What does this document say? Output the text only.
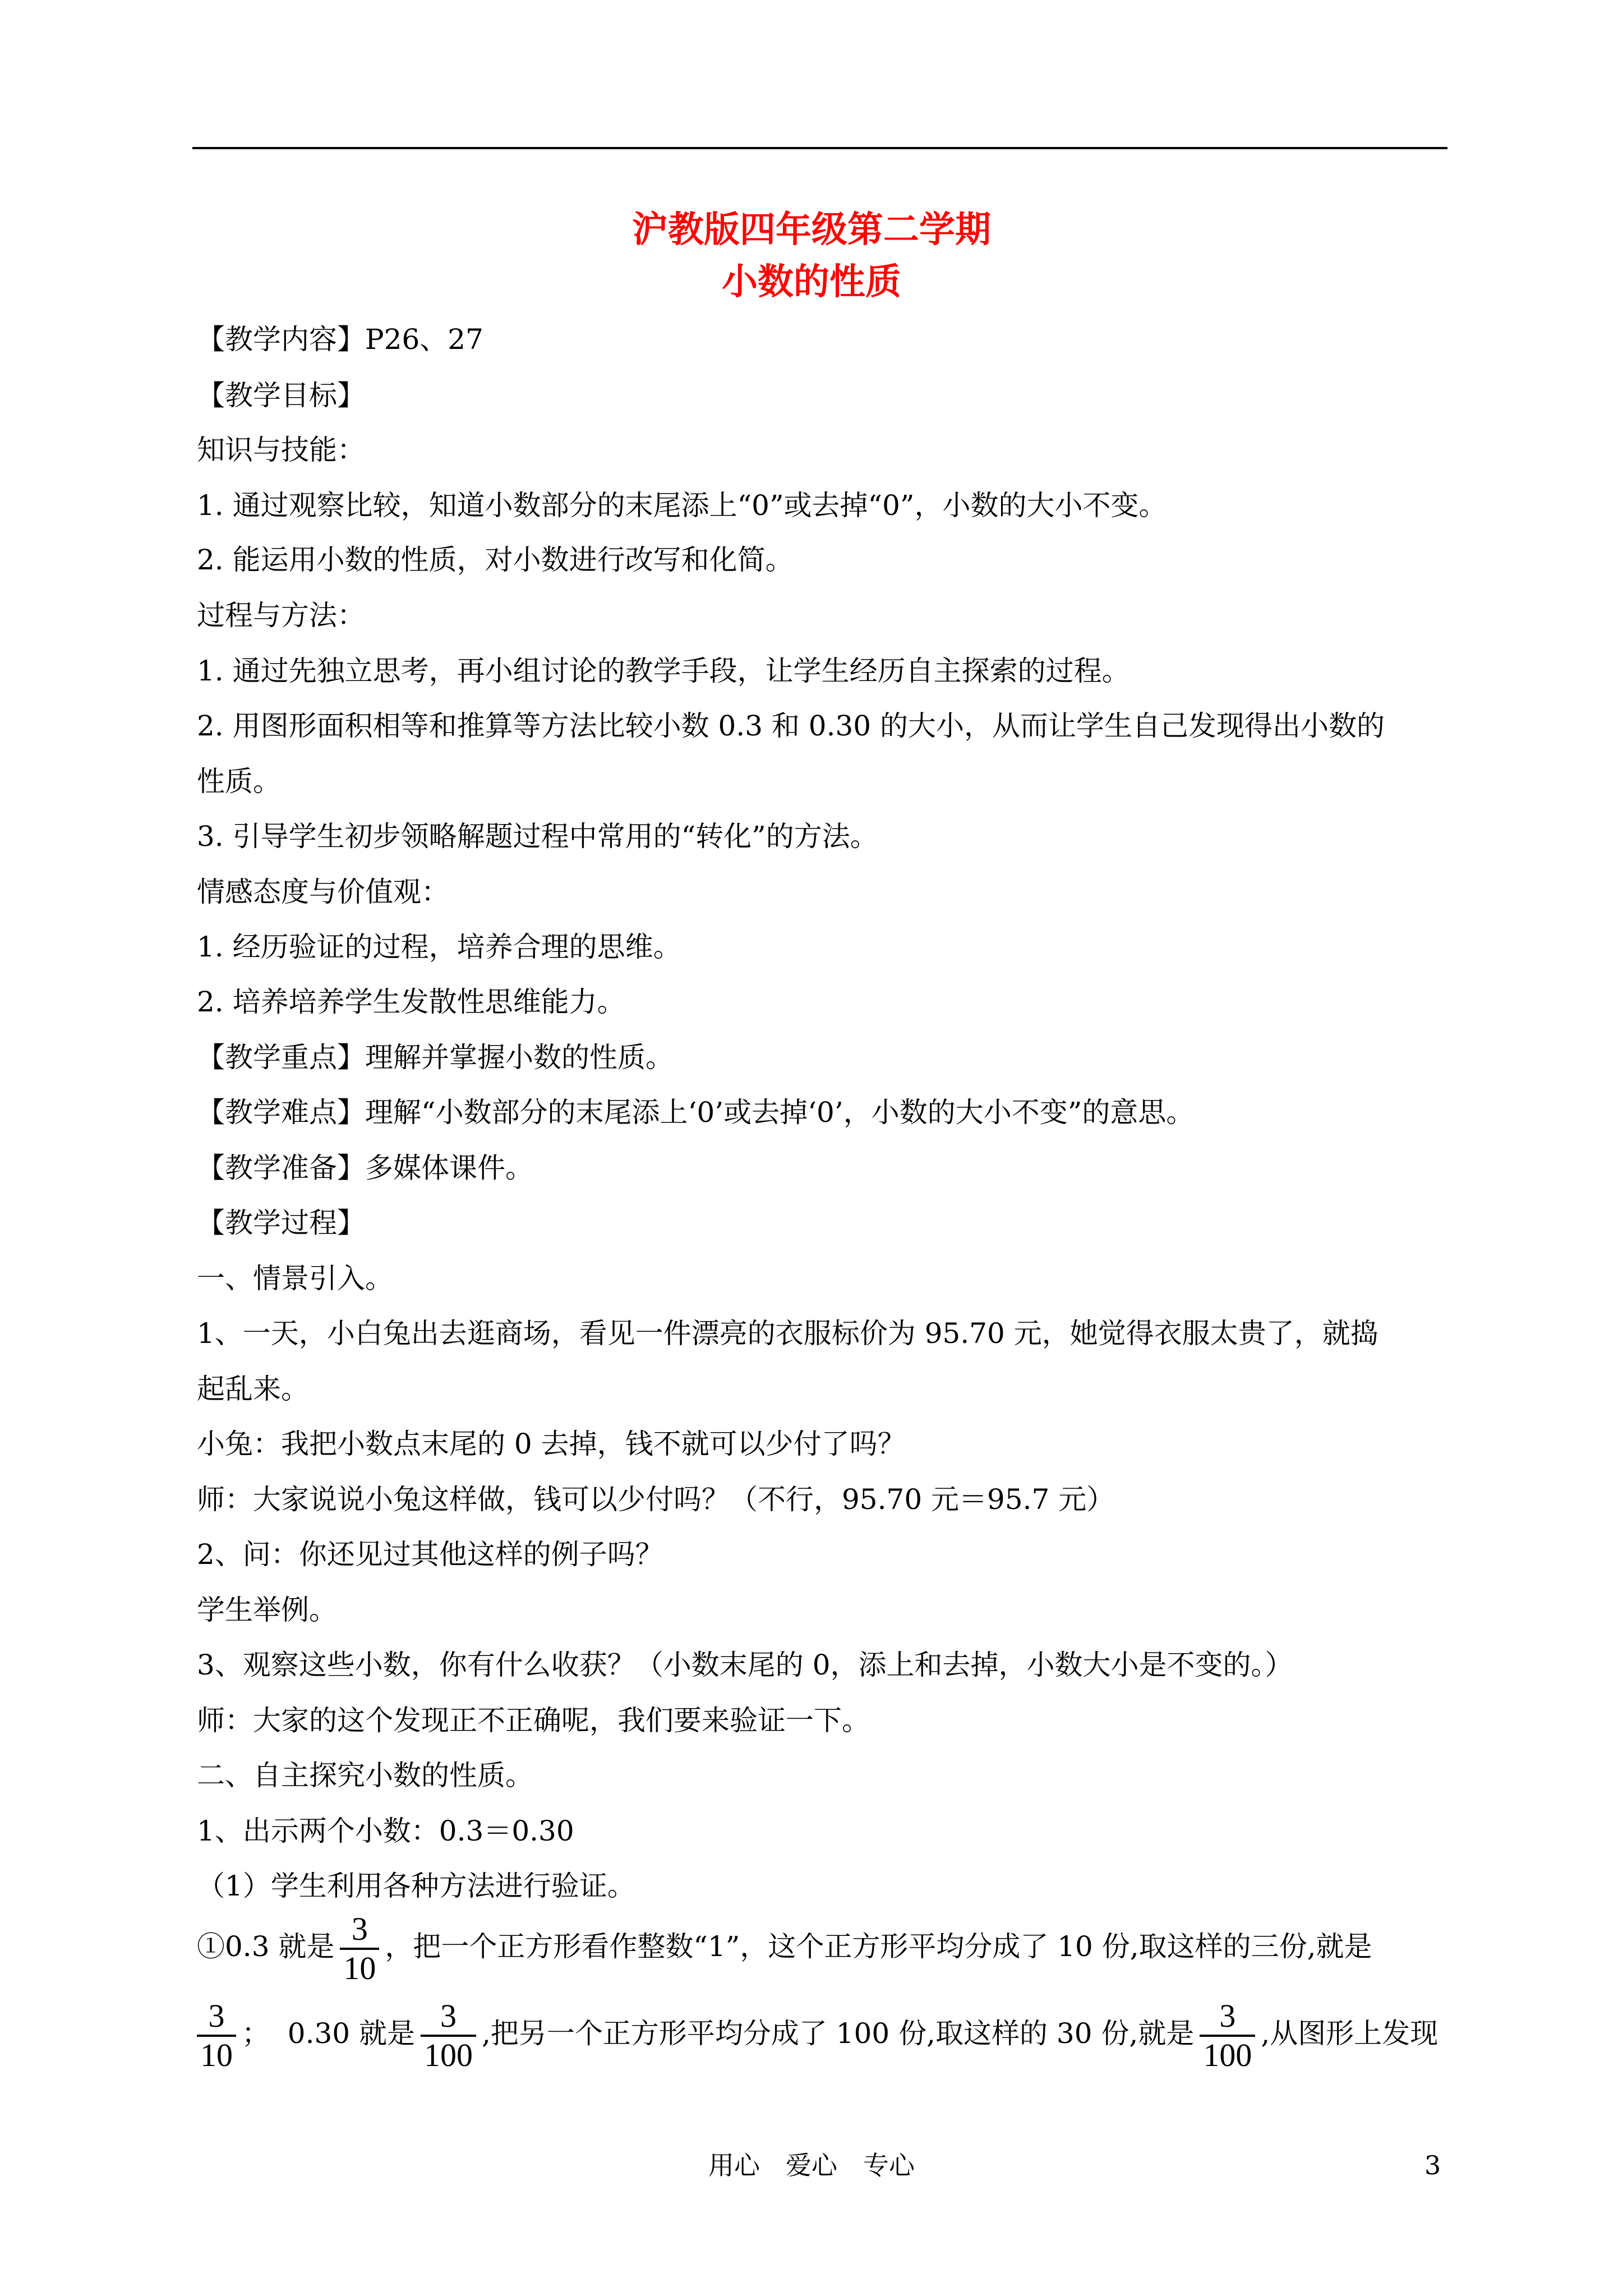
沪教版四年级第二学期
小数的性质
【教学内容】P26、27
【教学目标】
知识与技能：
1. 通过观察比较，知道小数部分的末尾添上“0”或去掉“0”，小数的大小不变。
2. 能运用小数的性质，对小数进行改写和化简。
过程与方法：
1. 通过先独立思考，再小组讨论的教学手段，让学生经历自主探索的过程。
2. 用图形面积相等和推算等方法比较小数 0.3 和 0.30 的大小，从而让学生自己发现得出小数的
性质。
3. 引导学生初步领略解题过程中常用的“转化”的方法。
情感态度与价值观：
1. 经历验证的过程，培养合理的思维。
2. 培养培养学生发散性思维能力。
【教学重点】理解并掌握小数的性质。
【教学难点】理解“小数部分的末尾添上‘0’或去掉‘0’，小数的大小不变”的意思。
【教学准备】多媒体课件。
【教学过程】
一、情景引入。
1、一天，小白兔出去逛商场，看见一件漂亮的衣服标价为 95.70 元，她觉得衣服太贵了，就捣
起乱来。
小兔：我把小数点末尾的 0 去掉，钱不就可以少付了吗？
师：大家说说小兔这样做，钱可以少付吗？（不行，95.70 元＝95.7 元）
2、问：你还见过其他这样的例子吗？
学生举例。
3、观察这些小数，你有什么收获？（小数末尾的 0，添上和去掉，小数大小是不变的。）
师：大家的这个发现正不正确呢，我们要来验证一下。
二、自主探究小数的性质。
1、出示两个小数：0.3＝0.30
（1）学生利用各种方法进行验证。
①0.3 就是 $\frac{3}{10}$ ，把一个正方形看作整数“1”，这个正方形平均分成了 10 份,取这样的三份,就是
$\frac{3}{10}$ ；  0.30 就是 $\frac{3}{100}$ ,把另一个正方形平均分成了 100 份,取这样的 30 份,就是 $\frac{3}{100}$ ,从图形上发现
用心　爱心　专心	3
